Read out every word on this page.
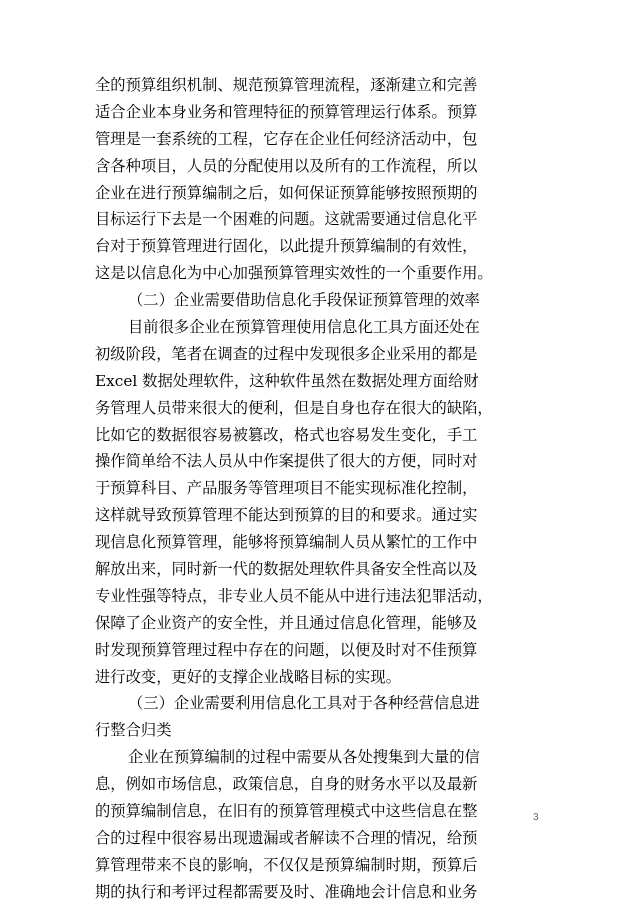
全的预算组织机制、规范预算管理流程，逐渐建立和完善
适合企业本身业务和管理特征的预算管理运行体系。预算
管理是一套系统的工程，它存在企业任何经济活动中，包
含各种项目，人员的分配使用以及所有的工作流程，所以
企业在进行预算编制之后，如何保证预算能够按照预期的
目标运行下去是一个困难的问题。这就需要通过信息化平
台对于预算管理进行固化，以此提升预算编制的有效性，
这是以信息化为中心加强预算管理实效性的一个重要作用。
（二）企业需要借助信息化手段保证预算管理的效率
目前很多企业在预算管理使用信息化工具方面还处在
初级阶段，笔者在调查的过程中发现很多企业采用的都是
Excel 数据处理软件，这种软件虽然在数据处理方面给财
务管理人员带来很大的便利，但是自身也存在很大的缺陷，
比如它的数据很容易被篡改，格式也容易发生变化，手工
操作简单给不法人员从中作案提供了很大的方便，同时对
于预算科目、产品服务等管理项目不能实现标准化控制，
这样就导致预算管理不能达到预算的目的和要求。通过实
现信息化预算管理，能够将预算编制人员从繁忙的工作中
解放出来，同时新一代的数据处理软件具备安全性高以及
专业性强等特点，非专业人员不能从中进行违法犯罪活动，
保障了企业资产的安全性，并且通过信息化管理，能够及
时发现预算管理过程中存在的问题，以便及时对不佳预算
进行改变，更好的支撑企业战略目标的实现。
（三）企业需要利用信息化工具对于各种经营信息进
行整合归类
企业在预算编制的过程中需要从各处搜集到大量的信
息，例如市场信息，政策信息，自身的财务水平以及最新
的预算编制信息，在旧有的预算管理模式中这些信息在整
合的过程中很容易出现遗漏或者解读不合理的情况，给预
算管理带来不良的影响，不仅仅是预算编制时期，预算后
期的执行和考评过程都需要及时、准确地会计信息和业务
3
